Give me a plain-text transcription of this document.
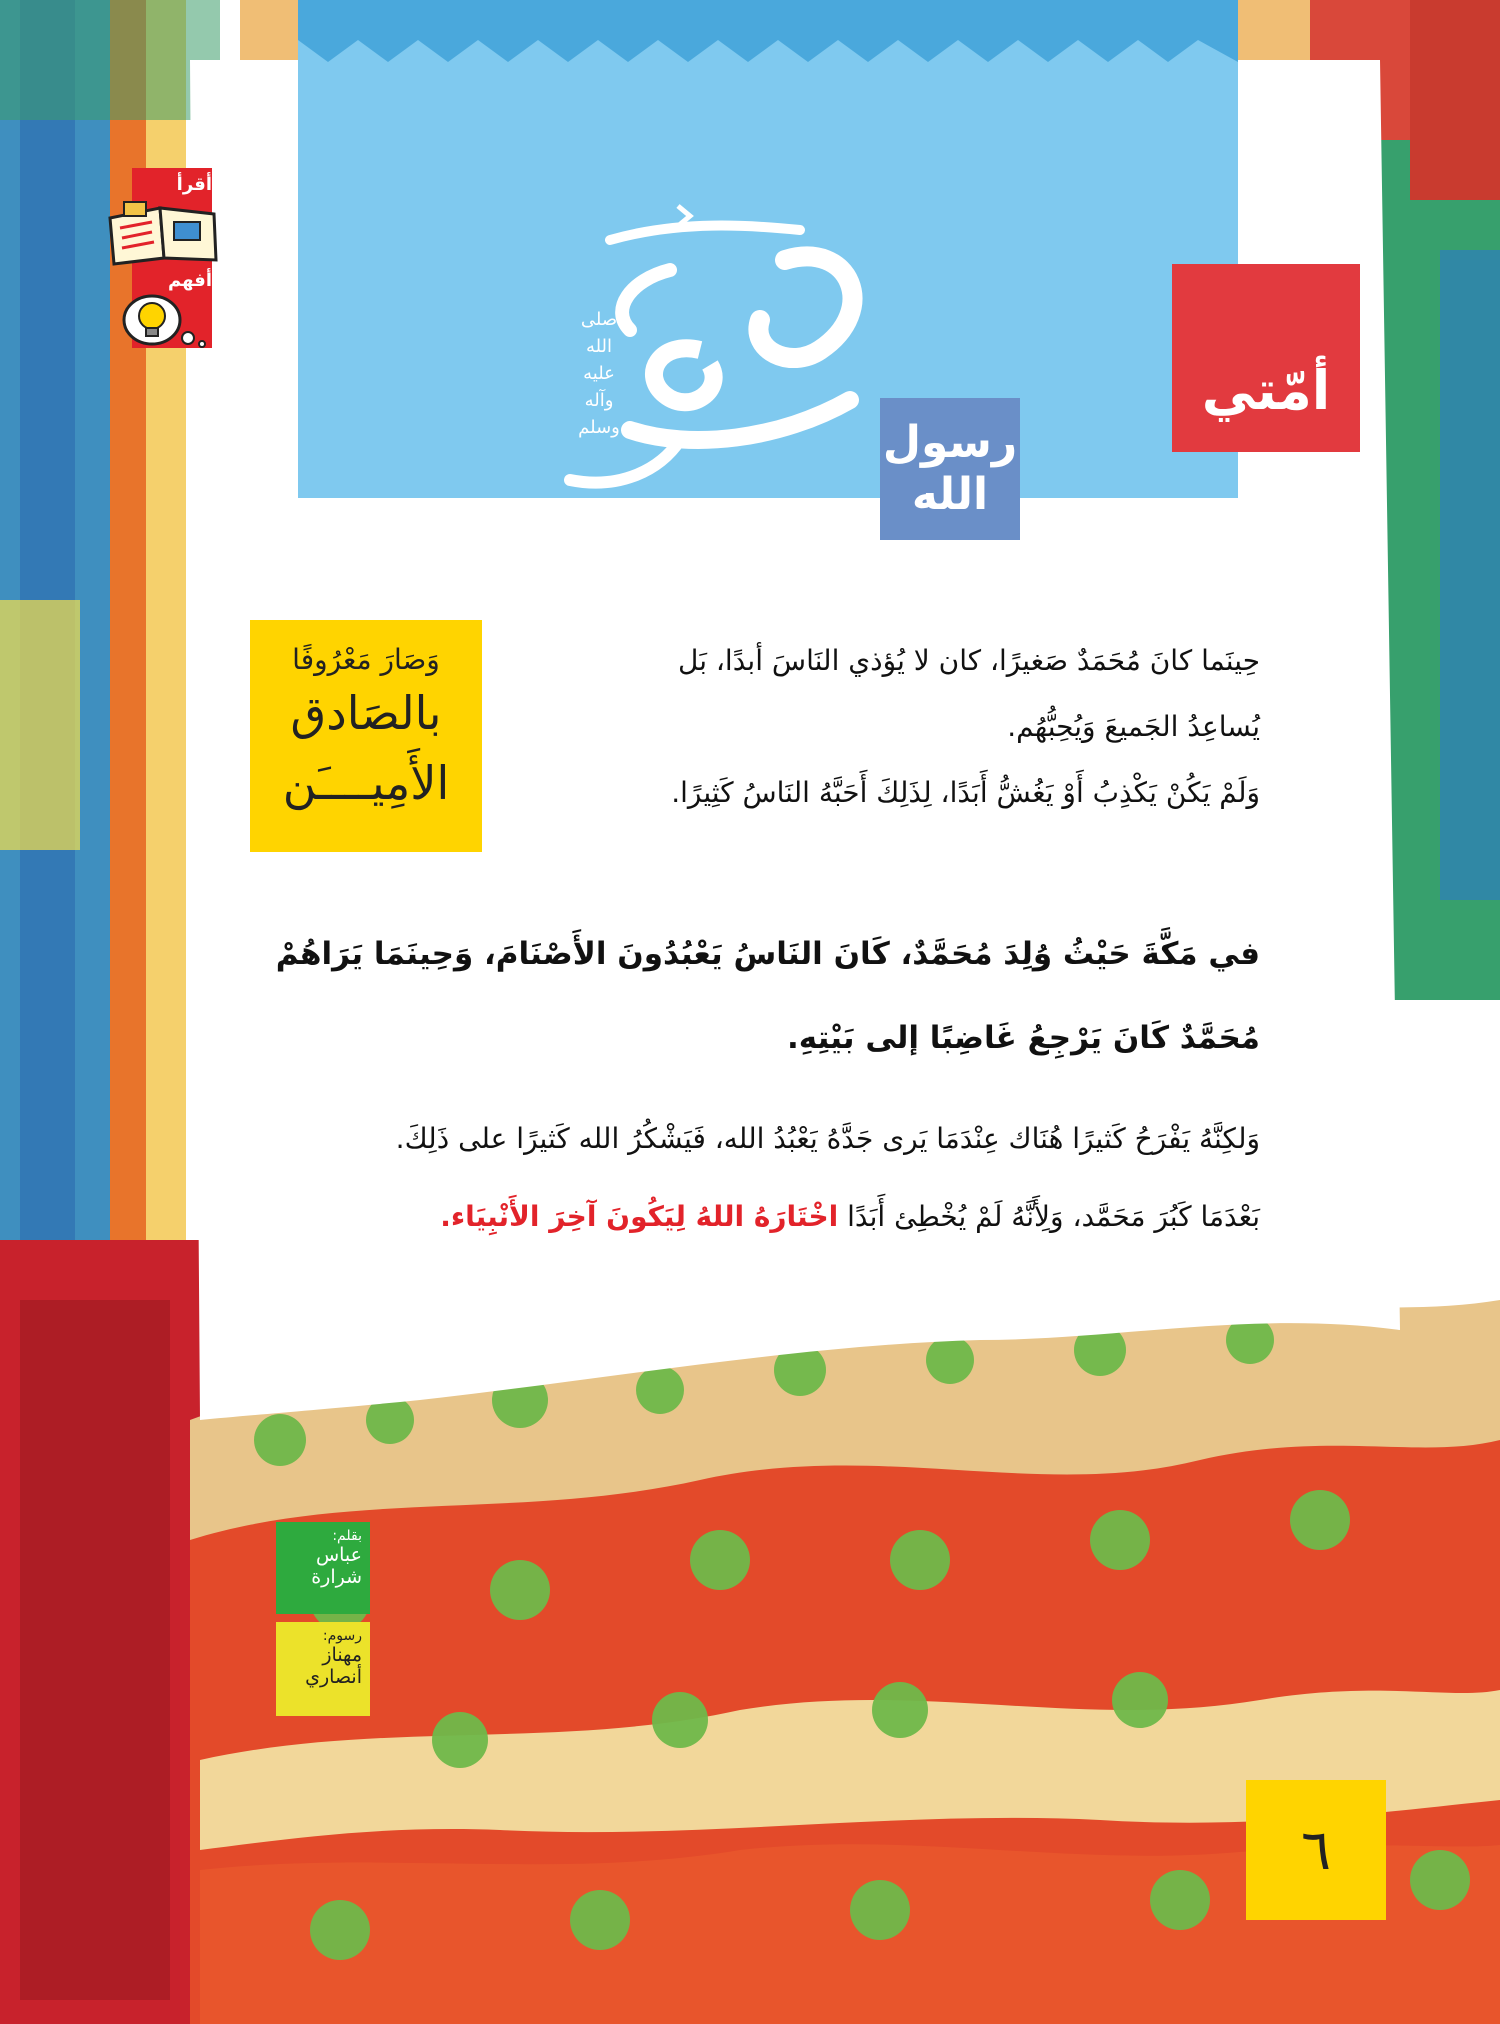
صلى
الله
عليه
وآله
وسلم	رسول
الله
أمّتي
أقرأ
أفهم
حِينَما كانَ مُحَمَدٌ صَغيرًا، كان لا يُؤذي النَاسَ أبدًا، بَل
يُساعِدُ الجَميعَ وَيُحِبُّهُم.
وَلَمْ يَكُنْ يَكْذِبُ أَوْ يَغُشُّ أَبَدًا، لِذَلِكَ أَحَبَّهُ النَاسُ كَثِيرًا.
وَصَارَ مَعْرُوفًا
بالصَادق
الأَمِيــــَن
في مَكَّةَ حَيْثُ وُلِدَ مُحَمَّدٌ، كَانَ النَاسُ يَعْبُدُونَ الأَصْنَامَ، وَحِينَمَا يَرَاهُمْ
مُحَمَّدٌ كَانَ يَرْجِعُ غَاضِبًا إلى بَيْتِهِ.
وَلكِنَّهُ يَفْرَحُ كَثيرًا هُنَاك عِنْدَمَا يَرى جَدَّهُ يَعْبُدُ الله، فَيَشْكُرُ الله كَثيرًا على ذَلِكَ.
بَعْدَمَا كَبُرَ مَحَمَّد، وَلِأَنَّهُ لَمْ يُخْطِئ أَبَدًا اخْتَارَهُ اللهُ لِيَكُونَ آخِرَ الأَنْبِيَاء.
بقلم:
عباس
شرارة
رسوم:
مهناز
أنصاري
٦
